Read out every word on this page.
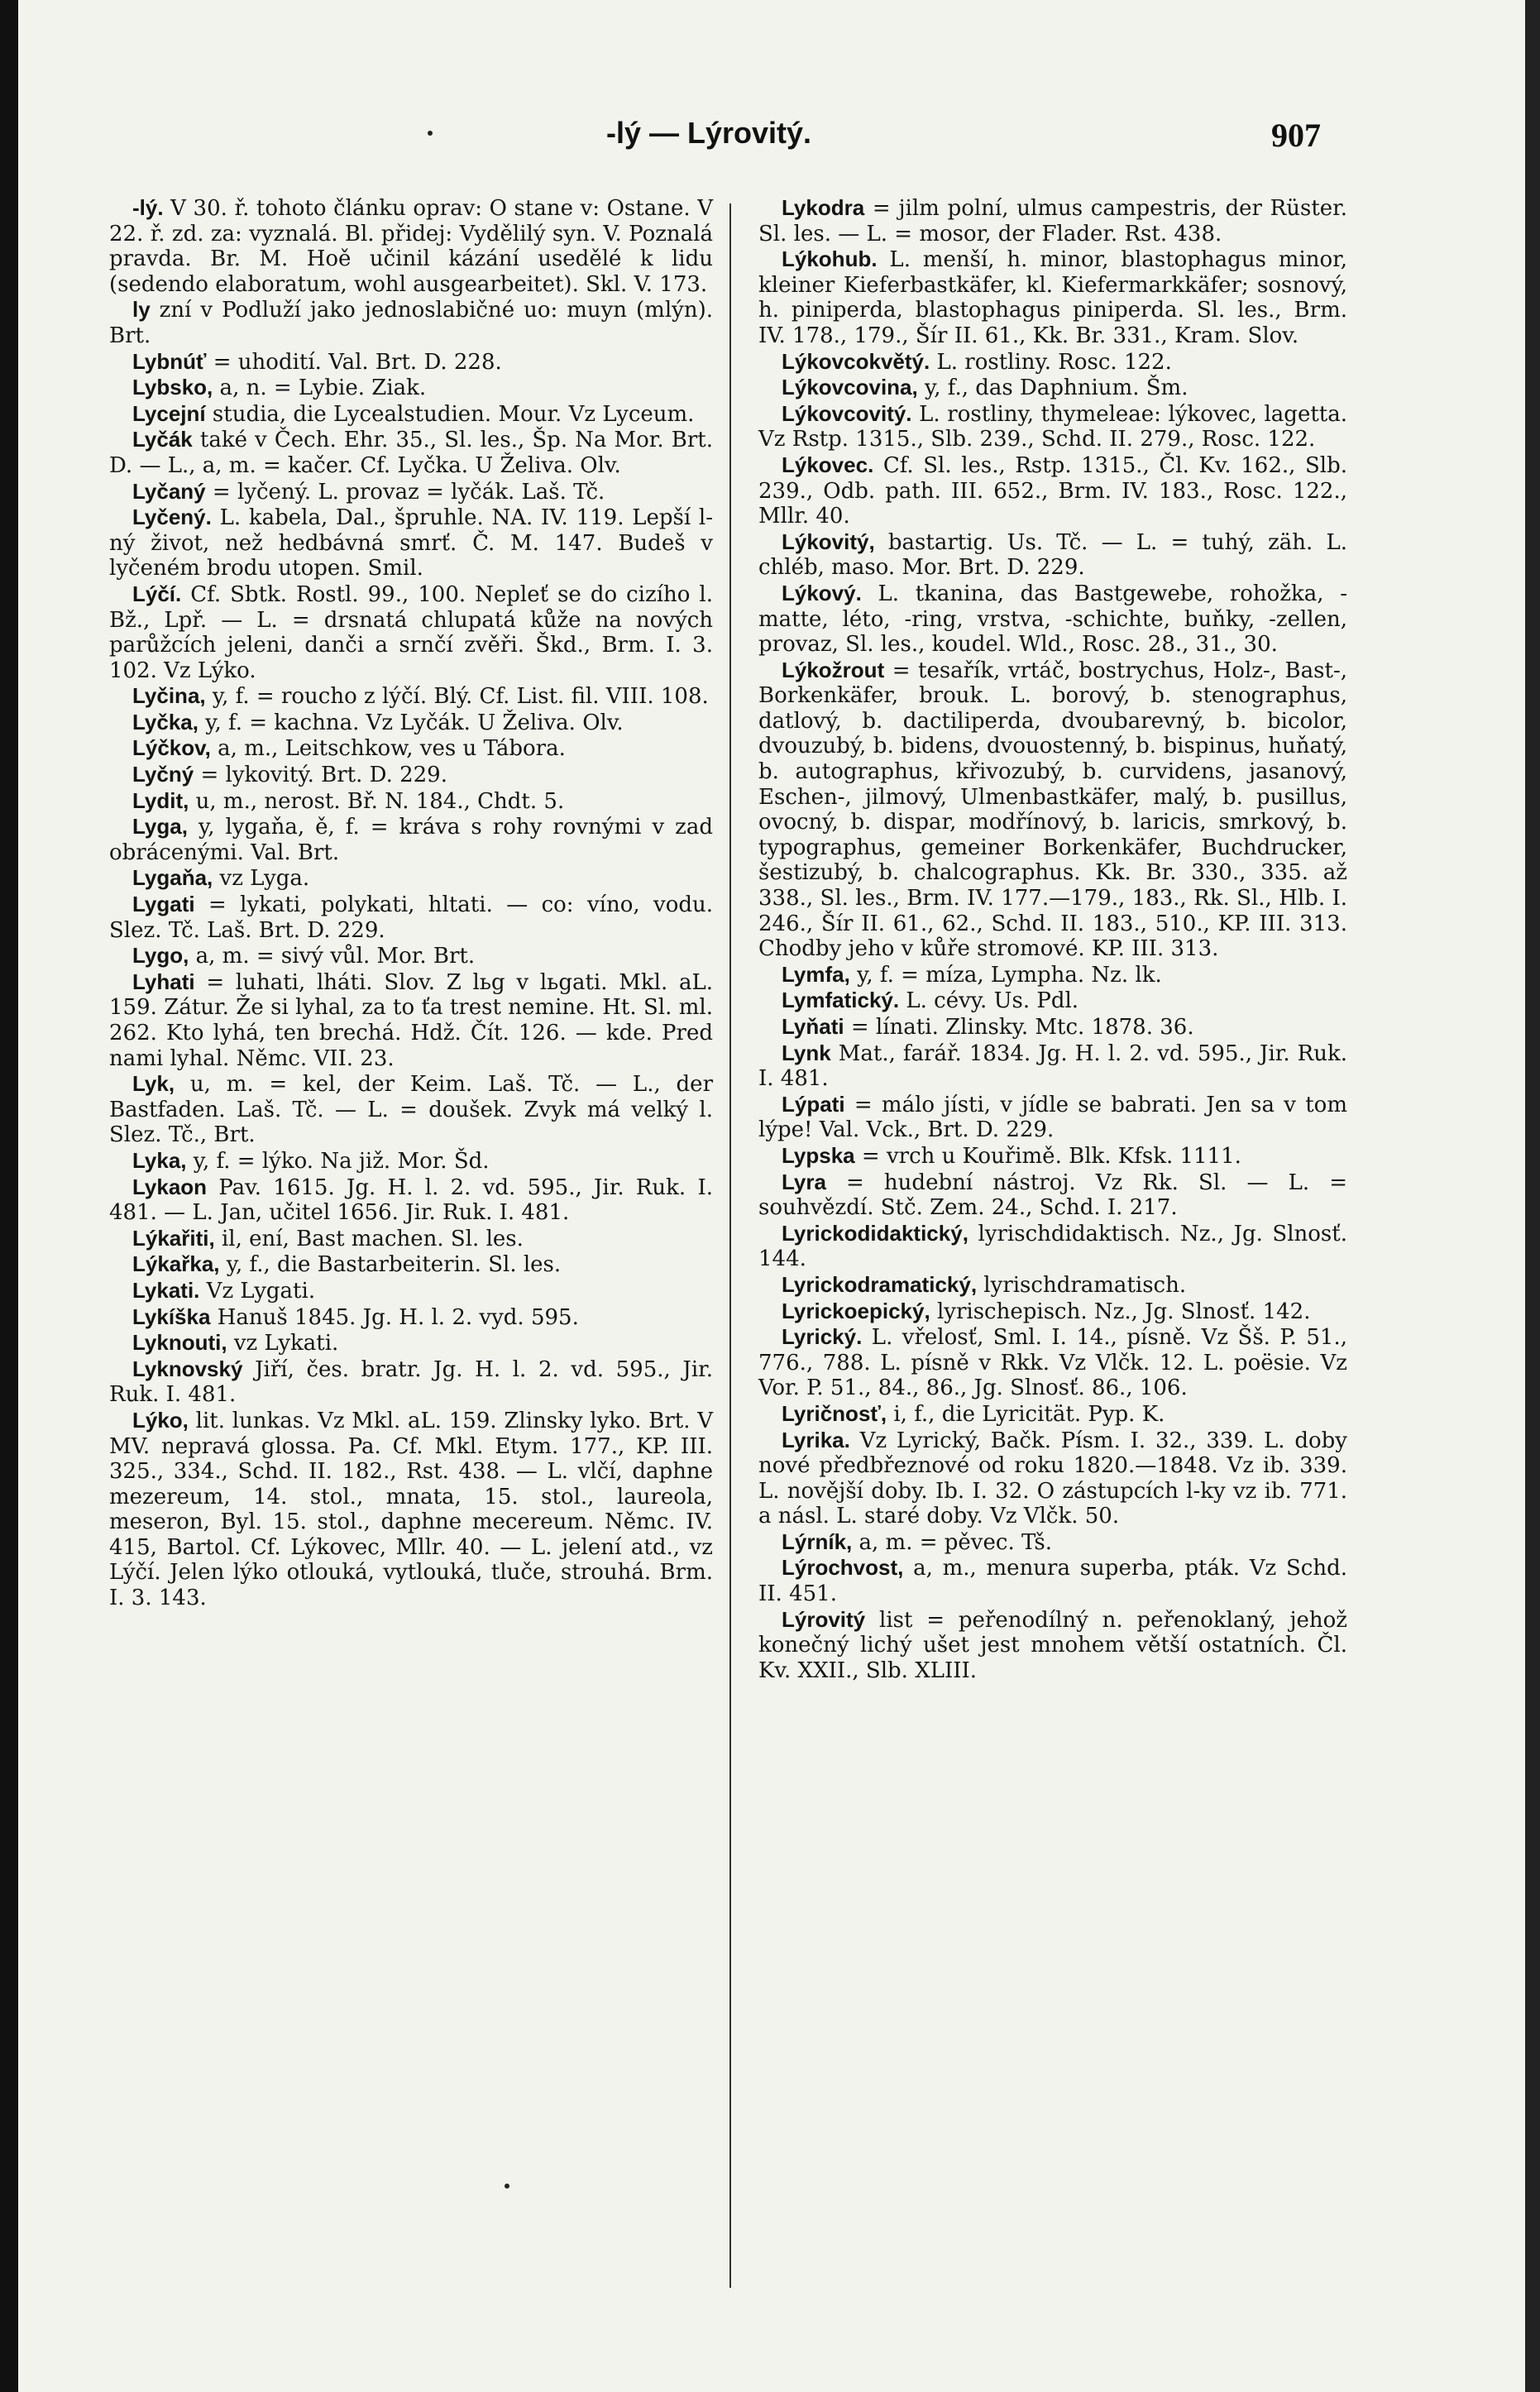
-lý — Lýrovitý.	907

-lý. V 30. ř. tohoto článku oprav: O stane v: Ostane. V 22. ř. zd. za: vyznalá. Bl. přidej: Vydělilý syn. V. Poznalá pravda. Br. M. Hoě učinil kázání usedělé k lidu (sedendo elaboratum, wohl ausgearbeitet). Skl. V. 173.

ly zní v Podluží jako jednoslabičné uo: muyn (mlýn). Brt.

Lybnúť = uhodití. Val. Brt. D. 228.

Lybsko, a, n. = Lybie. Ziak.

Lycejní studia, die Lycealstudien. Mour. Vz Lyceum.

Lyčák také v Čech. Ehr. 35., Sl. les., Šp. Na Mor. Brt. D. — L., a, m. = kačer. Cf. Lyčka. U Želiva. Olv.

Lyčaný = lyčený. L. provaz = lyčák. Laš. Tč.

Lyčený. L. kabela, Dal., špruhle. NA. IV. 119. Lepší l-ný život, než hedbávná smrť. Č. M. 147. Budeš v lyčeném brodu utopen. Smil.

Lýčí. Cf. Sbtk. Rostl. 99., 100. Nepleť se do cizího l. Bž., Lpř. — L. = drsnatá chlupatá kůže na nových parůžcích jeleni, danči a srnčí zvěři. Škd., Brm. I. 3. 102. Vz Lýko.

Lyčina, y, f. = roucho z lýčí. Blý. Cf. List. fil. VIII. 108.

Lyčka, y, f. = kachna. Vz Lyčák. U Želiva. Olv.

Lýčkov, a, m., Leitschkow, ves u Tábora.

Lyčný = lykovitý. Brt. D. 229.

Lydit, u, m., nerost. Bř. N. 184., Chdt. 5.

Lyga, y, lygaňa, ě, f. = kráva s rohy rovnými v zad obrácenými. Val. Brt.

Lygaňa, vz Lyga.

Lygati = lykati, polykati, hltati. — co: víno, vodu. Slez. Tč. Laš. Brt. D. 229.

Lygo, a, m. = sivý vůl. Mor. Brt.

Lyhati = luhati, lháti. Slov. Z lьg v lьgati. Mkl. aL. 159. Zátur. Že si lyhal, za to ťa trest nemine. Ht. Sl. ml. 262. Kto lyhá, ten brechá. Hdž. Čít. 126. — kde. Pred nami lyhal. Němc. VII. 23.

Lyk, u, m. = kel, der Keim. Laš. Tč. — L., der Bastfaden. Laš. Tč. — L. = doušek. Zvyk má velký l. Slez. Tč., Brt.

Lyka, y, f. = lýko. Na již. Mor. Šd.

Lykaon Pav. 1615. Jg. H. l. 2. vd. 595., Jir. Ruk. I. 481. — L. Jan, učitel 1656. Jir. Ruk. I. 481.

Lýkařiti, il, ení, Bast machen. Sl. les.

Lýkařka, y, f., die Bastarbeiterin. Sl. les.

Lykati. Vz Lygati.

Lykíška Hanuš 1845. Jg. H. l. 2. vyd. 595.

Lyknouti, vz Lykati.

Lyknovský Jiří, čes. bratr. Jg. H. l. 2. vd. 595., Jir. Ruk. I. 481.

Lýko, lit. lunkas. Vz Mkl. aL. 159. Zlinsky lyko. Brt. V MV. nepravá glossa. Pa. Cf. Mkl. Etym. 177., KP. III. 325., 334., Schd. II. 182., Rst. 438. — L. vlčí, daphne mezereum, 14. stol., mnata, 15. stol., laureola, meseron, Byl. 15. stol., daphne mecereum. Němc. IV. 415, Bartol. Cf. Lýkovec, Mllr. 40. — L. jelení atd., vz Lýčí. Jelen lýko otlouká, vytlouká, tluče, strouhá. Brm. I. 3. 143.

Lykodra = jilm polní, ulmus campestris, der Rüster. Sl. les. — L. = mosor, der Flader. Rst. 438.

Lýkohub. L. menší, h. minor, blastophagus minor, kleiner Kieferbastkäfer, kl. Kiefermarkkäfer; sosnový, h. piniperda, blastophagus piniperda. Sl. les., Brm. IV. 178., 179., Šír II. 61., Kk. Br. 331., Kram. Slov.

Lýkovcokvětý. L. rostliny. Rosc. 122.

Lýkovcovina, y, f., das Daphnium. Šm.

Lýkovcovitý. L. rostliny, thymeleae: lýkovec, lagetta. Vz Rstp. 1315., Slb. 239., Schd. II. 279., Rosc. 122.

Lýkovec. Cf. Sl. les., Rstp. 1315., Čl. Kv. 162., Slb. 239., Odb. path. III. 652., Brm. IV. 183., Rosc. 122., Mllr. 40.

Lýkovitý, bastartig. Us. Tč. — L. = tuhý, zäh. L. chléb, maso. Mor. Brt. D. 229.

Lýkový. L. tkanina, das Bastgewebe, rohožka, -matte, léto, -ring, vrstva, -schichte, buňky, -zellen, provaz, Sl. les., koudel. Wld., Rosc. 28., 31., 30.

Lýkožrout = tesařík, vrtáč, bostrychus, Holz-, Bast-, Borkenkäfer, brouk. L. borový, b. stenographus, datlový, b. dactiliperda, dvoubarevný, b. bicolor, dvouzubý, b. bidens, dvouostenný, b. bispinus, huňatý, b. autographus, křivozubý, b. curvidens, jasanový, Eschen-, jilmový, Ulmenbastkäfer, malý, b. pusillus, ovocný, b. dispar, modřínový, b. laricis, smrkový, b. typographus, gemeiner Borkenkäfer, Buchdrucker, šestizubý, b. chalcographus. Kk. Br. 330., 335. až 338., Sl. les., Brm. IV. 177.—179., 183., Rk. Sl., Hlb. I. 246., Šír II. 61., 62., Schd. II. 183., 510., KP. III. 313. Chodby jeho v kůře stromové. KP. III. 313.

Lymfa, y, f. = míza, Lympha. Nz. lk.

Lymfatický. L. cévy. Us. Pdl.

Lyňati = línati. Zlinsky. Mtc. 1878. 36.

Lynk Mat., farář. 1834. Jg. H. l. 2. vd. 595., Jir. Ruk. I. 481.

Lýpati = málo jísti, v jídle se babrati. Jen sa v tom lýpe! Val. Vck., Brt. D. 229.

Lypska = vrch u Kouřimě. Blk. Kfsk. 1111.

Lyra = hudební nástroj. Vz Rk. Sl. — L. = souhvězdí. Stč. Zem. 24., Schd. I. 217.

Lyrickodidaktický, lyrischdidaktisch. Nz., Jg. Slnosť. 144.

Lyrickodramatický, lyrischdramatisch.

Lyrickoepický, lyrischepisch. Nz., Jg. Slnosť. 142.

Lyrický. L. vřelosť, Sml. I. 14., písně. Vz Šš. P. 51., 776., 788. L. písně v Rkk. Vz Vlčk. 12. L. poësie. Vz Vor. P. 51., 84., 86., Jg. Slnosť. 86., 106.

Lyričnosť, i, f., die Lyricität. Pyp. K.

Lyrika. Vz Lyrický, Bačk. Písm. I. 32., 339. L. doby nové předbřeznové od roku 1820.—1848. Vz ib. 339. L. novější doby. Ib. I. 32. O zástupcích l-ky vz ib. 771. a násl. L. staré doby. Vz Vlčk. 50.

Lýrník, a, m. = pěvec. Tš.

Lýrochvost, a, m., menura superba, pták. Vz Schd. II. 451.

Lýrovitý list = peřenodílný n. peřenoklaný, jehož konečný lichý ušet jest mnohem větší ostatních. Čl. Kv. XXII., Slb. XLIII.
